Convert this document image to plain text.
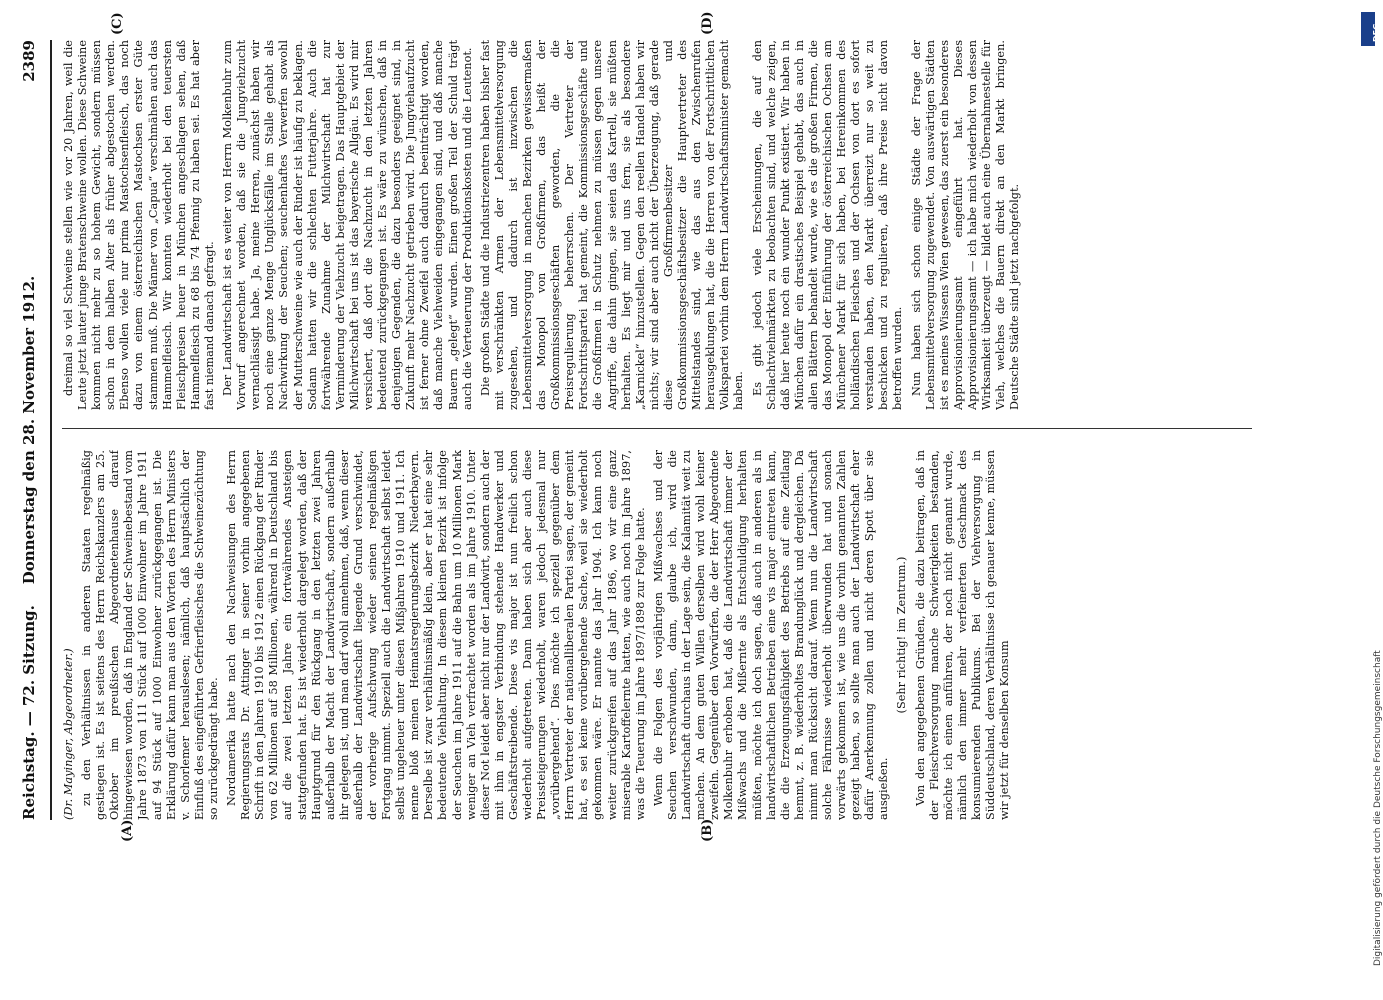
Reichstag. — 72. Sitzung.
Donnerstag den 28. November 1912.
2389
(A)	(B)
(C)	(D)

(Dr. Mayinger, Abgeordneter.) zu den Verhältnissen in anderen Staaten regelmäßig gestiegen ist. Es ist seitens des Herrn Reichskanzlers am 25. Oktober im preußischen Abgeordnetenhause darauf hingewiesen worden, daß in England der Schweinebestand vom Jahre 1873 von 111 Stück auf 1000 Einwohner im Jahre 1911 auf 94 Stück auf 1000 Einwohner zurückgegangen ist. Die Erklärung dafür kann man aus den Worten des Herrn Ministers v. Schorlemer herauslesen; nämlich, daß hauptsächlich der Einfluß des eingeführten Gefrierfleisches die Schweinezüchtung so zurückgedrängt habe. Nordamerika hatte nach den Nachweisungen des Herrn Regierungsrats Dr. Attinger in seiner vorhin angegebenen Schrift in den Jahren 1910 bis 1912 einen Rückgang der Rinder von 62 Millionen auf 58 Millionen, während in Deutschland bis auf die zwei letzten Jahre ein fortwährendes Ansteigen stattgefunden hat. Es ist wiederholt dargelegt worden, daß der Hauptgrund für den Rückgang in den letzten zwei Jahren außerhalb der Macht der Landwirtschaft, sondern außerhalb ihr gelegen ist, und man darf wohl annehmen, daß, wenn dieser außerhalb der Landwirtschaft liegende Grund verschwindet, der vorherige Aufschwung wieder seinen regelmäßigen Fortgang nimmt. Speziell auch die Landwirtschaft selbst leidet selbst ungeheuer unter diesen Mißjahren 1910 und 1911. Ich nenne bloß meinen Heimatsregierungsbezirk Niederbayern. Derselbe ist zwar verhältnismäßig klein, aber er hat eine sehr bedeutende Viehhaltung. In diesem kleinen Bezirk ist infolge der Seuchen im Jahre 1911 auf die Bahn um 10 Millionen Mark weniger an Vieh verfrachtet worden als im Jahre 1910. Unter dieser Not leidet aber nicht nur der Landwirt, sondern auch der mit ihm in engster Verbindung stehende Handwerker und Geschäftstreibende. Diese vis major ist nun freilich schon wiederholt aufgetreten. Dann haben sich aber auch diese Preissteigerungen wiederholt, waren jedoch jedesmal nur „vorübergehend“. Dies möchte ich speziell gegenüber dem Herrn Vertreter der nationalliberalen Partei sagen, der gemeint hat, es sei keine vorübergehende Sache, weil sie wiederholt gekommen wäre. Er nannte das Jahr 1904. Ich kann noch weiter zurückgreifen auf das Jahr 1896, wo wir eine ganz miserable Kartoffelernte hatten, wie auch noch im Jahre 1897, was die Teuerung im Jahre 1897/1898 zur Folge hatte. Wenn die Folgen des vorjährigen Mißwachses und der Seuchen verschwunden, dann, glaube ich, wird die Landwirtschaft durchaus in der Lage sein, die Kalamität weit zu machen. An dem guten Willen derselben wird wohl keiner zweifeln. Gegenüber den Vorwürfen, die der Herr Abgeordnete Molkenbuhr erhoben hat, daß die Landwirtschaft immer der Mißwachs und die Mißernte als Entschuldigung herhalten müßten, möchte ich doch sagen, daß auch in anderen als in landwirtschaftlichen Betrieben eine vis major eintreten kann, die die Erzeugungsfähigkeit des Betriebs auf eine Zeitlang hemmt, z. B. wiederholtes Brandunglück und dergleichen. Da nimmt man Rücksicht darauf. Wenn nun die Landwirtschaft solche Fährnisse wiederholt überwunden hat und sonach vorwärts gekommen ist, wie uns die vorhin genannten Zahlen gezeigt haben, so sollte man auch der Landwirtschaft eher dafür Anerkennung zollen und nicht deren Spott über sie ausgießen.

(Sehr richtig! im Zentrum.) Von den angegebenen Gründen, die dazu beitragen, daß in der Fleischversorgung manche Schwierigkeiten bestanden, möchte ich einen anführen, der noch nicht genannt wurde, nämlich den immer mehr verfeinerten Geschmack des konsumierenden Publikums. Bei der Viehversorgung in Süddeutschland, deren Verhältnisse ich genauer kenne, müssen wir jetzt für denselben Konsum

dreimal so viel Schweine stellen wie vor 20 Jahren, weil die Leute jetzt lauter junge Bratenschweine wollen. Diese Schweine kommen nicht mehr zu so hohem Gewicht, sondern müssen schon in dem halben Alter als früher abgestochen werden. Ebenso wollen viele nur prima Mastochsenfleisch, das noch dazu von einem österreichischen Mastochsen erster Güte stammen muß. Die Männer von „Capua“ verschmähen auch das Hammelfleisch. Wir konnten wiederholt bei den teuersten Fleischpreisen heuer in München angeschlagen sehen, daß Hammelfleisch zu 68 bis 74 Pfennig zu haben sei. Es hat aber fast niemand danach gefragt. Der Landwirtschaft ist es weiter von Herrn Molkenbuhr zum Vorwurf angerechnet worden, daß sie die Jungviehzucht vernachlässigt habe. Ja, meine Herren, zunächst haben wir noch eine ganze Menge Unglücksfälle im Stalle gehabt als Nachwirkung der Seuchen; seuchenhaftes Verwerfen sowohl der Mutterschweine wie auch der Rinder ist häufig zu beklagen. Sodann hatten wir die schlechten Futterjahre. Auch die fortwährende Zunahme der Milchwirtschaft hat zur Verminderung der Viehzucht beigetragen. Das Hauptgebiet der Milchwirtschaft bei uns ist das bayerische Allgäu. Es wird mir versichert, daß dort die Nachzucht in den letzten Jahren bedeutend zurückgegangen ist. Es wäre zu wünschen, daß in denjenigen Gegenden, die dazu besonders geeignet sind, in Zukunft mehr Nachzucht getrieben wird. Die Jungviehaufzucht ist ferner ohne Zweifel auch dadurch beeinträchtigt worden, daß manche Viehweiden eingegangen sind, und daß manche Bauern „gelegt“ wurden. Einen großen Teil der Schuld trägt auch die Verteuerung der Produktionskosten und die Leutenot. Die großen Städte und die Industriezentren haben bisher fast mit verschränkten Armen der Lebensmittelversorgung zugesehen, und dadurch ist inzwischen die Lebensmittelversorgung in manchen Bezirken gewissermaßen das Monopol von Großfirmen, das heißt der Großkommissionsgeschäften geworden, die die Preisregulierung beherrschen. Der Vertreter der Fortschrittspartei hat gemeint, die Kommissionsgeschäfte und die Großfirmen in Schutz nehmen zu müssen gegen unsere Angriffe, die dahin gingen, sie seien das Kartell, sie müßten herhalten. Es liegt mir und uns fern, sie als besondere „Karnickel“ hinzustellen. Gegen den reellen Handel haben wir nichts; wir sind aber auch nicht der Überzeugung, daß gerade diese Großfirmenbesitzer und Großkommissionsgeschäftsbesitzer die Hauptvertreter des Mittelstandes sind, wie das aus den Zwischenrufen herausgeklungen hat, die die Herren von der Fortschrittlichen Volkspartei vorhin dem Herrn Landwirtschaftsminister gemacht haben. Es gibt jedoch viele Erscheinungen, die auf den Schlachtviehmärkten zu beobachten sind, und welche zeigen, daß hier heute noch ein wunder Punkt existiert. Wir haben in München dafür ein drastisches Beispiel gehabt, das auch in allen Blättern behandelt wurde, wie es die großen Firmen, die das Monopol der Einführung der österreichischen Ochsen am Münchener Markt für sich haben, bei Hereinkommen des holländischen Fleisches und der Ochsen von dort es sofort verstanden haben, den Markt überreizt nur so weit zu beschicken und zu regulieren, daß ihre Preise nicht davon betroffen wurden. Nun haben sich schon einige Städte der Frage der Lebensmittelversorgung zugewendet. Von auswärtigen Städten ist es meines Wissens Wien gewesen, das zuerst ein besonderes Approvisionierungsamt eingeführt hat. Dieses Approvisionierungsamt — ich habe mich wiederholt von dessen Wirksamkeit überzeugt — bildet auch eine Übernahmestelle für Vieh, welches die Bauern direkt an den Markt bringen. Deutsche Städte sind jetzt nachgefolgt.

DFG
Digitalisierung gefördert durch die Deutsche Forschungsgemeinschaft
